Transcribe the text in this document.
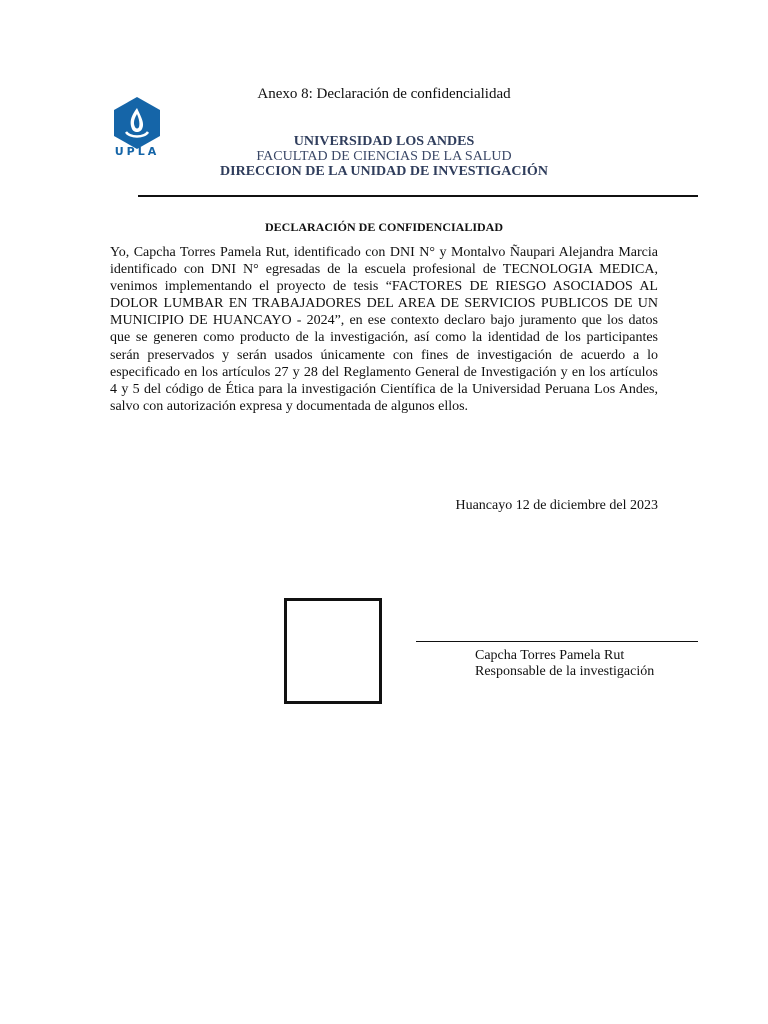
UPLA
Anexo 8: Declaración de confidencialidad
UNIVERSIDAD LOS ANDES
FACULTAD DE CIENCIAS DE LA SALUD
DIRECCION DE LA UNIDAD DE INVESTIGACIÓN
DECLARACIÓN DE CONFIDENCIALIDAD
Yo, Capcha Torres Pamela Rut, identificado con DNI N° y Montalvo Ñaupari Alejandra Marcia identificado con DNI N° egresadas de la escuela profesional de TECNOLOGIA MEDICA, venimos implementando el proyecto de tesis “FACTORES DE RIESGO ASOCIADOS AL DOLOR LUMBAR EN TRABAJADORES DEL AREA DE SERVICIOS PUBLICOS DE UN MUNICIPIO DE HUANCAYO - 2024”, en ese contexto declaro bajo juramento que los datos que se generen como producto de la investigación, así como la identidad de los participantes serán preservados y serán usados únicamente con fines de investigación de acuerdo a lo especificado en los artículos 27 y 28 del Reglamento General de Investigación y en los artículos 4 y 5 del código de Ética para la investigación Científica de la Universidad Peruana Los Andes, salvo con autorización expresa y documentada de algunos ellos.
Huancayo 12 de diciembre del 2023
Capcha Torres Pamela Rut
Responsable de la investigación
